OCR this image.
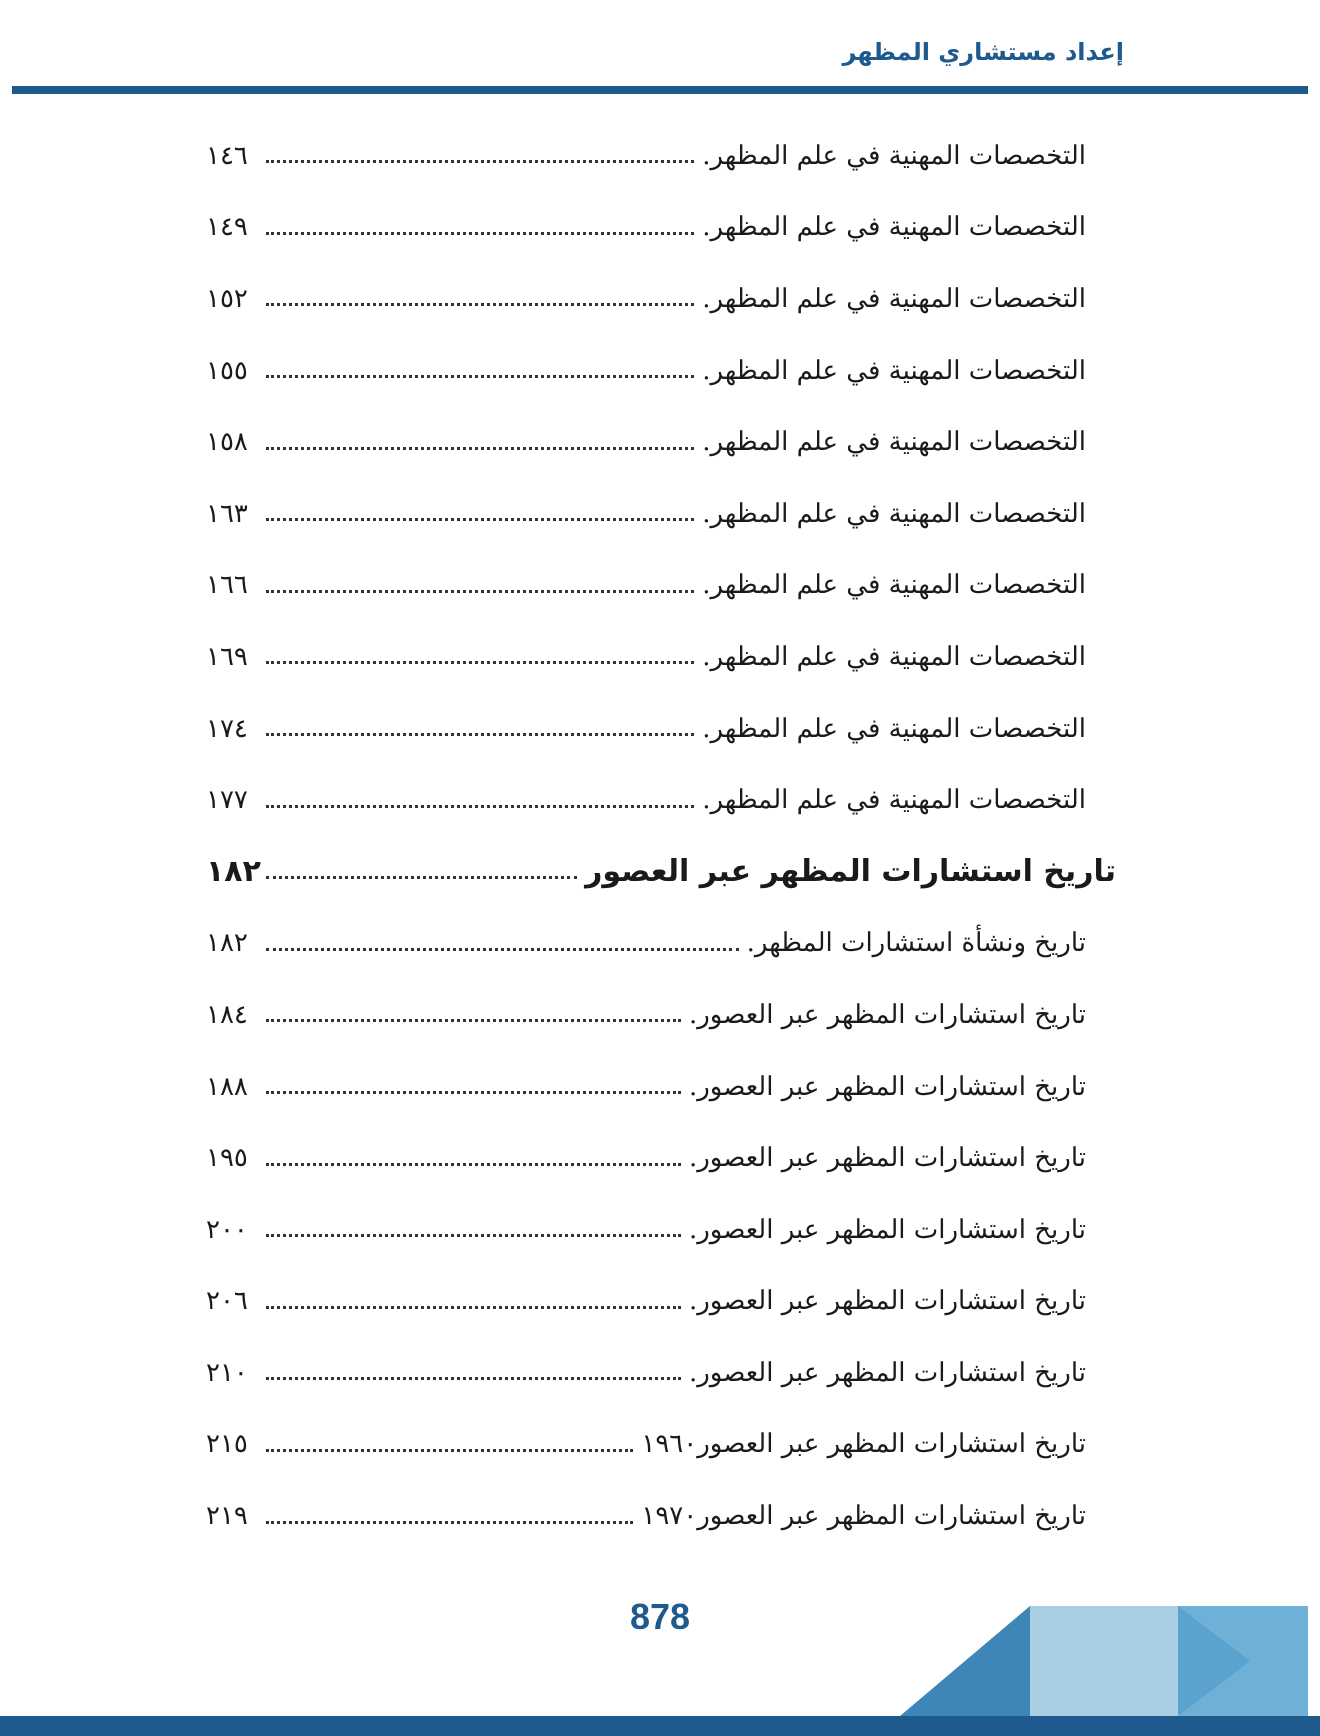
إعداد مستشاري المظهر
التخصصات المهنية في علم المظهر.
١٤٦
التخصصات المهنية في علم المظهر.
١٤٩
التخصصات المهنية في علم المظهر.
١٥٢
التخصصات المهنية في علم المظهر.
١٥٥
التخصصات المهنية في علم المظهر.
١٥٨
التخصصات المهنية في علم المظهر.
١٦٣
التخصصات المهنية في علم المظهر.
١٦٦
التخصصات المهنية في علم المظهر.
١٦٩
التخصصات المهنية في علم المظهر.
١٧٤
التخصصات المهنية في علم المظهر.
١٧٧
تاريخ استشارات المظهر عبر العصور
١٨٢
تاريخ ونشأة استشارات المظهر.
١٨٢
تاريخ استشارات المظهر عبر العصور.
١٨٤
تاريخ استشارات المظهر عبر العصور.
١٨٨
تاريخ استشارات المظهر عبر العصور.
١٩٥
تاريخ استشارات المظهر عبر العصور.
٢٠٠
تاريخ استشارات المظهر عبر العصور.
٢٠٦
تاريخ استشارات المظهر عبر العصور.
٢١٠
تاريخ استشارات المظهر عبر العصور١٩٦٠
٢١٥
تاريخ استشارات المظهر عبر العصور١٩٧٠
٢١٩
878
